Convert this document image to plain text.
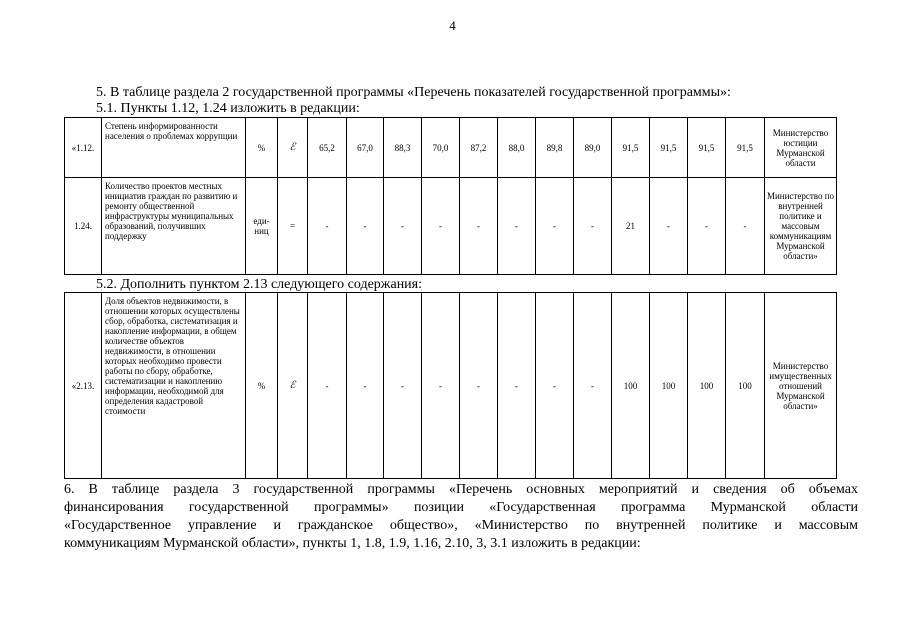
4
5. В таблице раздела 2 государственной программы «Перечень показателей государственной программы»:
5.1. Пункты 1.12, 1.24 изложить в редакции:
«1.12.	Степень информированности населения о проблемах коррупции	%	ℰ	65,2	67,0	88,3	70,0	87,2	88,0	89,8	89,0	91,5	91,5	91,5	91,5	Министерство юстиции Мурманской области
1.24.	Количество проектов местных инициатив граждан по развитию и ремонту общественной инфраструктуры муниципальных образований, получивших поддержку	еди-ниц	=	-	-	-	-	-	-	-	-	21	-	-	-	Министерство по внутренней политике и массовым коммуникациям Мурманской области»
5.2. Дополнить пунктом 2.13 следующего содержания:
«2.13.	Доля объектов недвижимости, в отношении которых осуществлены сбор, обработка, систематизация и накопление информации, в общем количестве объектов недвижимости, в отношении которых необходимо провести работы по сбору, обработке, систематизации и накоплению информации, необходимой для определения кадастровой стоимости	%	ℰ	-	-	-	-	-	-	-	-	100	100	100	100	Министерство имущественных отношений Мурманской области»
6. В таблице раздела 3 государственной программы «Перечень основных мероприятий и сведения об объемах
финансирования государственной программы» позиции «Государственная программа Мурманской области
«Государственное управление и гражданское общество», «Министерство по внутренней политике и массовым
коммуникациям Мурманской области», пункты 1, 1.8, 1.9, 1.16, 2.10, 3, 3.1 изложить в редакции:
